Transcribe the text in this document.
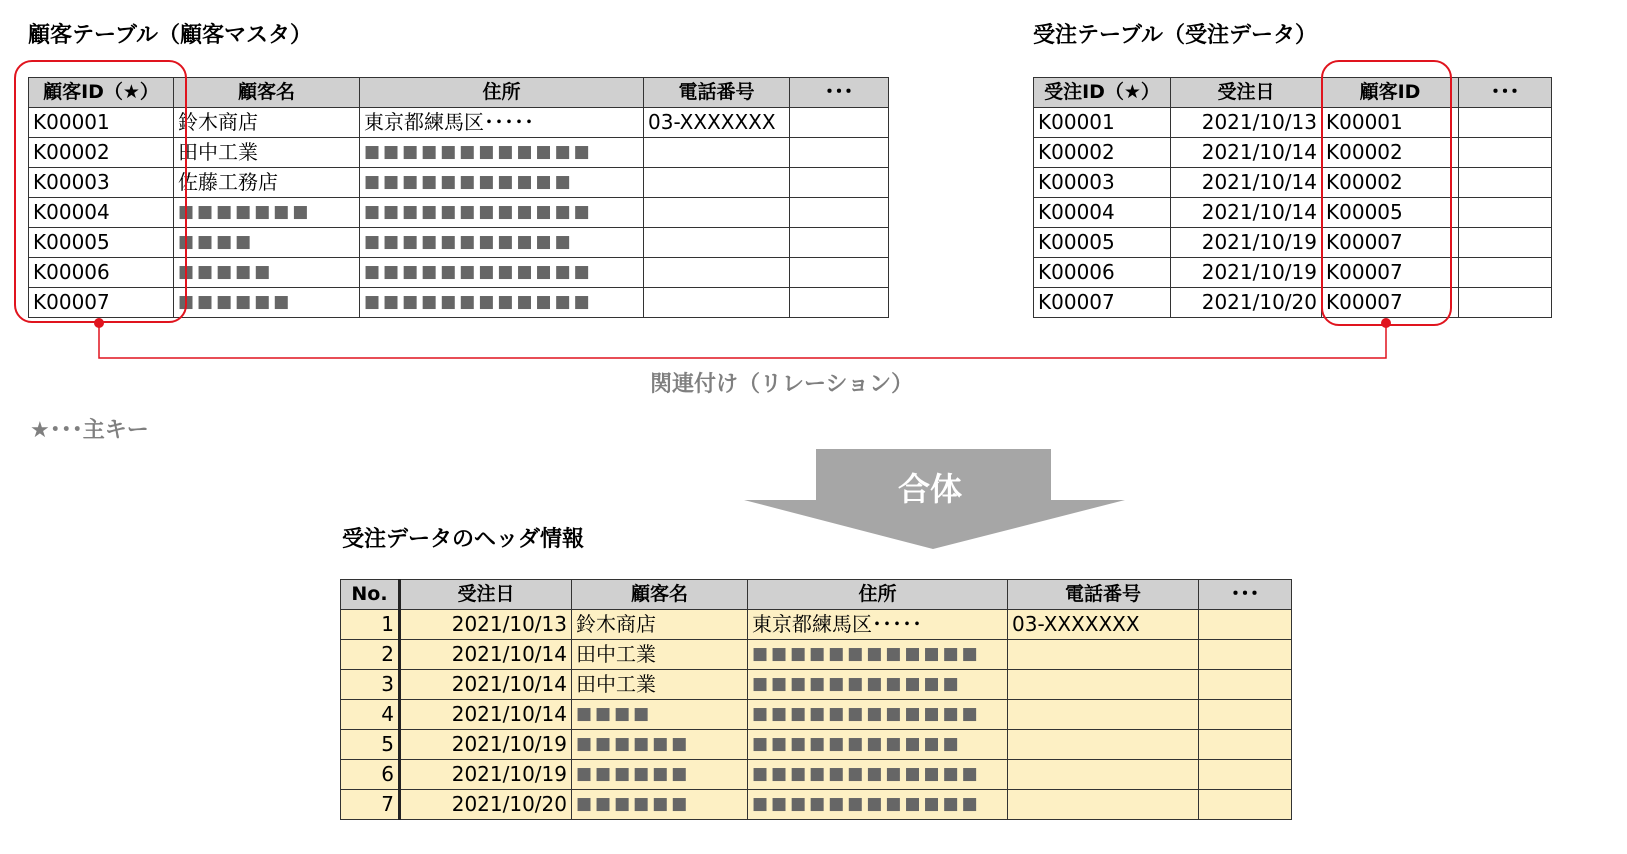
顧客テーブル（顧客マスタ）
顧客ID（★）	顧客名	住所	電話番号	･･･
K00001	鈴木商店	東京都練馬区･････	03-XXXXXXX	
K00002	田中工業	■■■■■■■■■■■■		
K00003	佐藤工務店	■■■■■■■■■■■		
K00004	■■■■■■■	■■■■■■■■■■■■		
K00005	■■■■	■■■■■■■■■■■		
K00006	■■■■■	■■■■■■■■■■■■		
K00007	■■■■■■	■■■■■■■■■■■■		
受注テーブル（受注データ）
受注ID（★）	受注日	顧客ID	･･･
K00001	2021/10/13	K00001	
K00002	2021/10/14	K00002	
K00003	2021/10/14	K00002	
K00004	2021/10/14	K00005	
K00005	2021/10/19	K00007	
K00006	2021/10/19	K00007	
K00007	2021/10/20	K00007	
関連付け（リレーション）
★･･･主キー
合体
受注データのヘッダ情報
No.	受注日	顧客名	住所	電話番号	･･･
1	2021/10/13	鈴木商店	東京都練馬区･････	03-XXXXXXX	
2	2021/10/14	田中工業	■■■■■■■■■■■■		
3	2021/10/14	田中工業	■■■■■■■■■■■		
4	2021/10/14	■■■■	■■■■■■■■■■■■		
5	2021/10/19	■■■■■■	■■■■■■■■■■■		
6	2021/10/19	■■■■■■	■■■■■■■■■■■■		
7	2021/10/20	■■■■■■	■■■■■■■■■■■■		
